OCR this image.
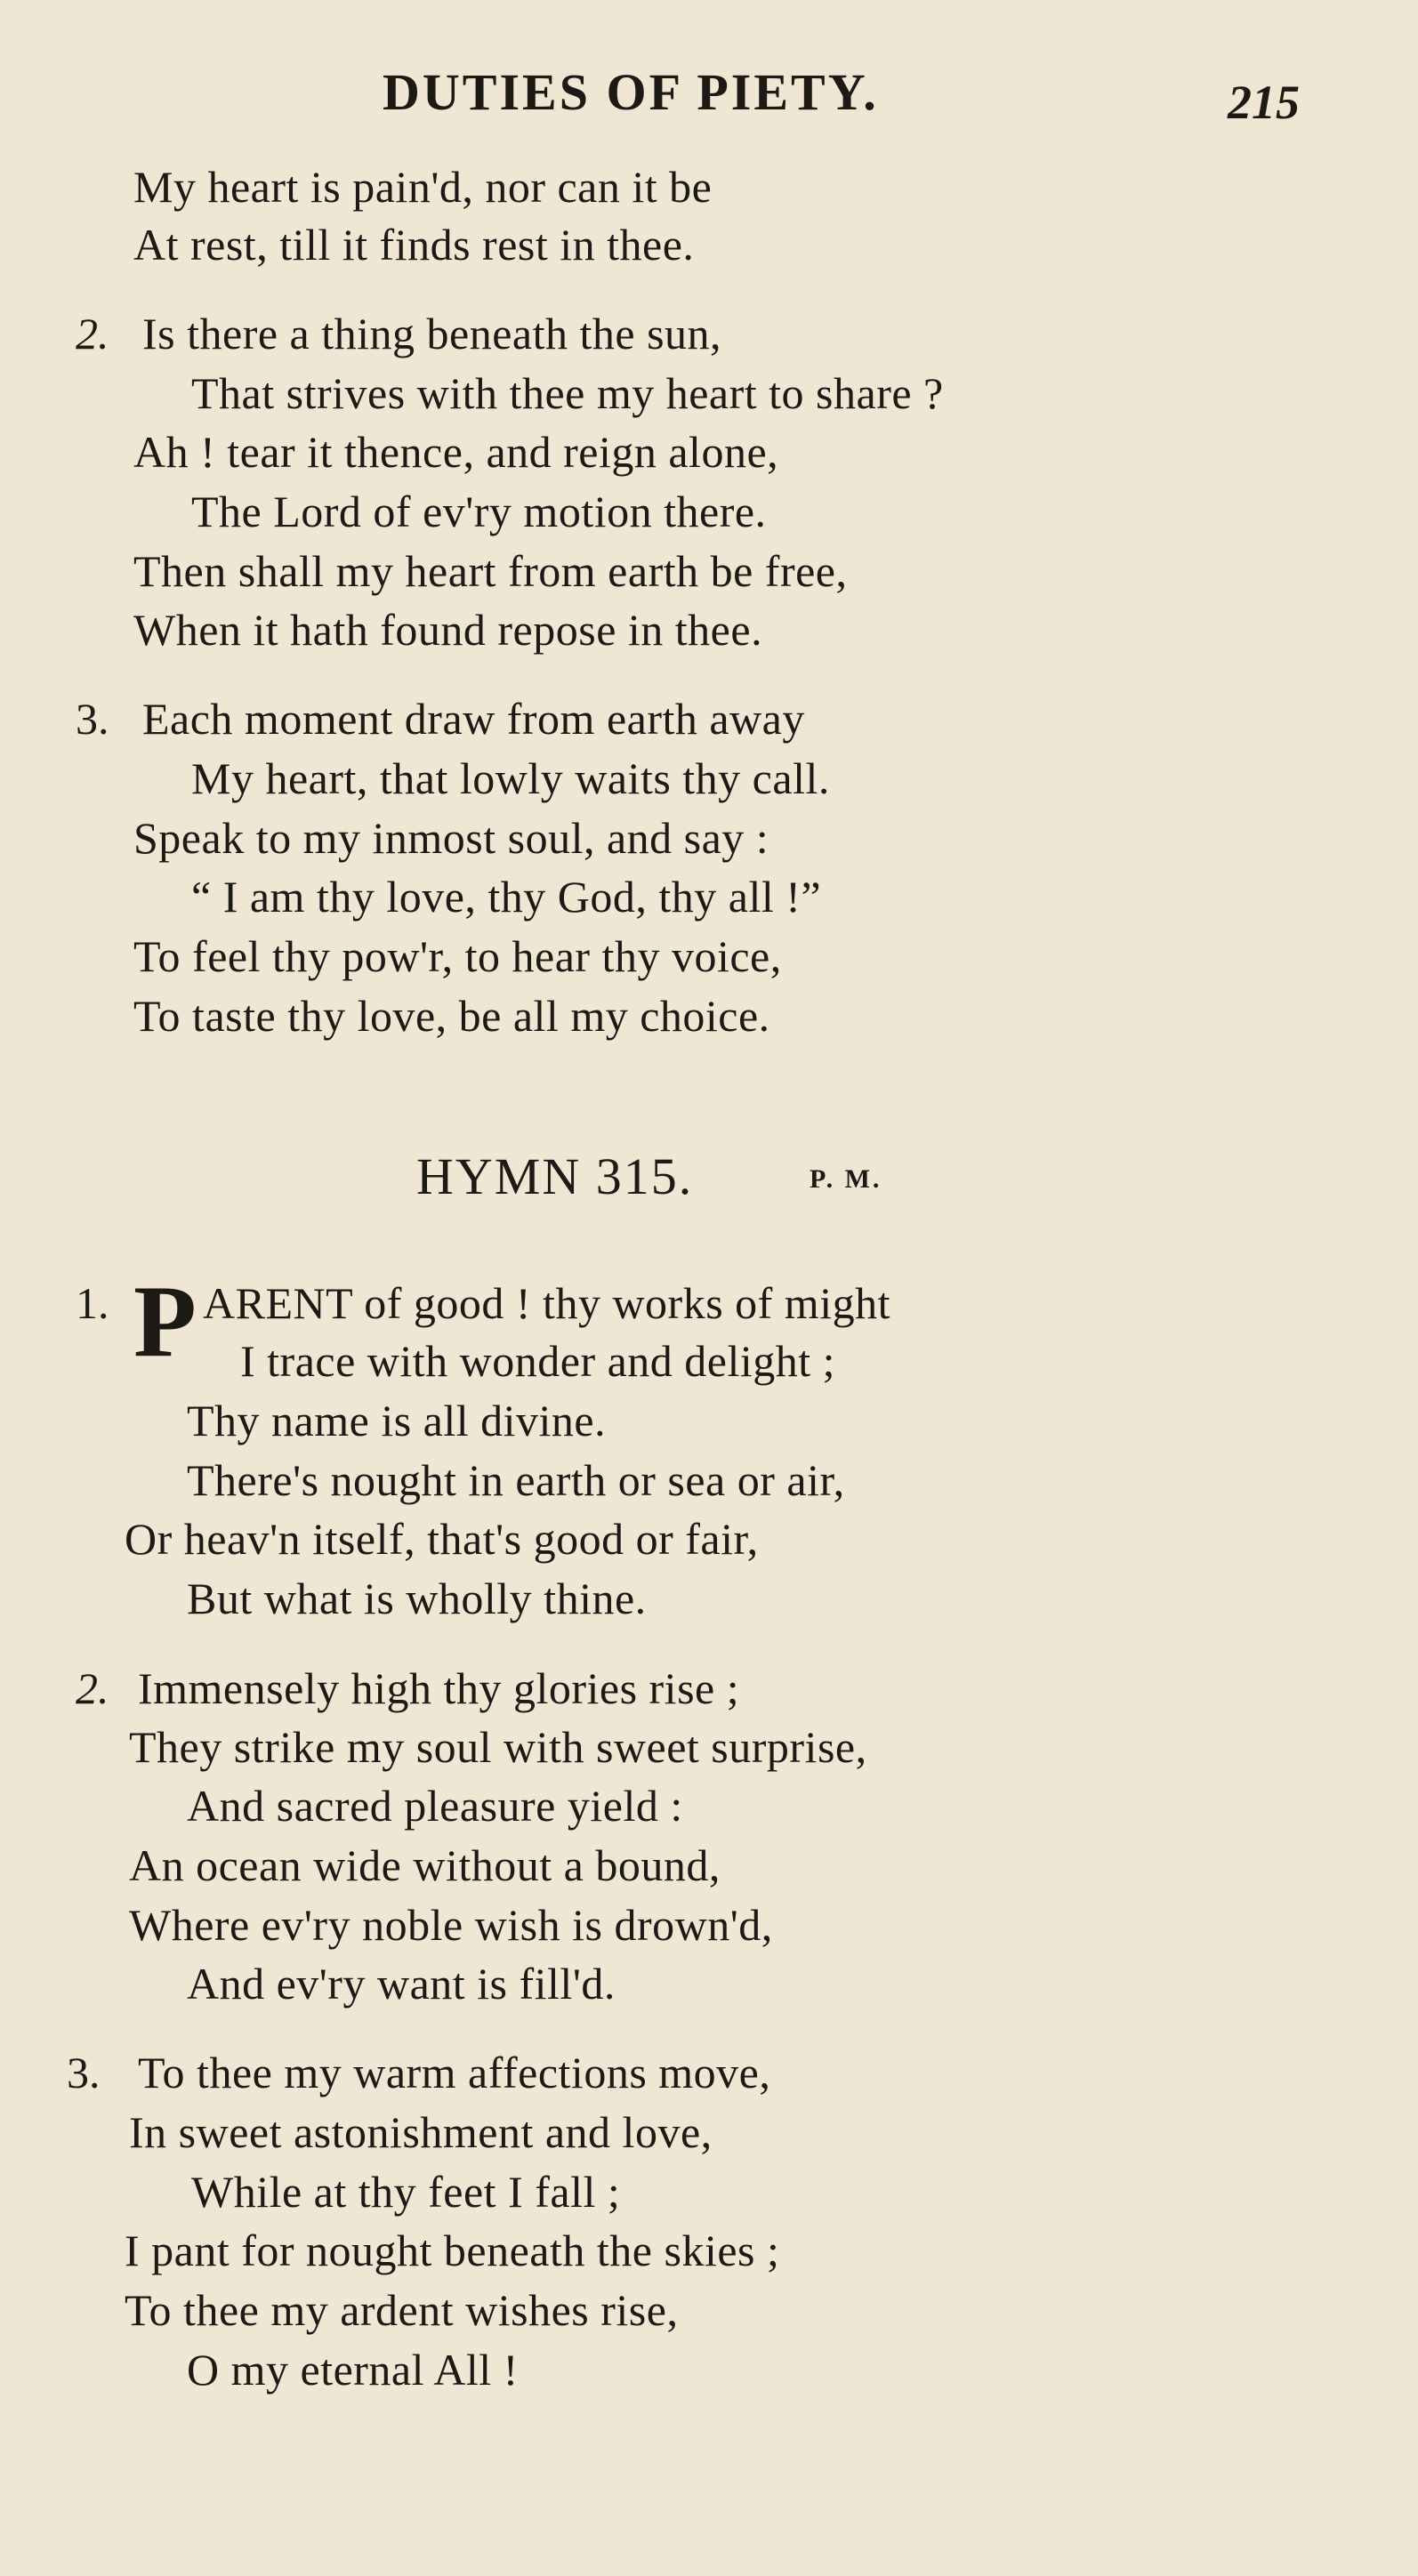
DUTIES OF PIETY.	215
My heart is pain'd, nor can it be
At rest, till it finds rest in thee.
2. Is there a thing beneath the sun,
That strives with thee my heart to share ?
Ah ! tear it thence, and reign alone,
The Lord of ev'ry motion there.
Then shall my heart from earth be free,
When it hath found repose in thee.
3. Each moment draw from earth away
My heart, that lowly waits thy call.
Speak to my inmost soul, and say :
“ I am thy love, thy God, thy all !”
To feel thy pow'r, to hear thy voice,
To taste thy love, be all my choice.
HYMN 315.	P. M.
1. P ARENT of good ! thy works of might
I trace with wonder and delight ;
Thy name is all divine.
There's nought in earth or sea or air,
Or heav'n itself, that's good or fair,
But what is wholly thine.
2. Immensely high thy glories rise ;
They strike my soul with sweet surprise,
And sacred pleasure yield :
An ocean wide without a bound,
Where ev'ry noble wish is drown'd,
And ev'ry want is fill'd.
3. To thee my warm affections move,
In sweet astonishment and love,
While at thy feet I fall ;
I pant for nought beneath the skies ;
To thee my ardent wishes rise,
O my eternal All !
